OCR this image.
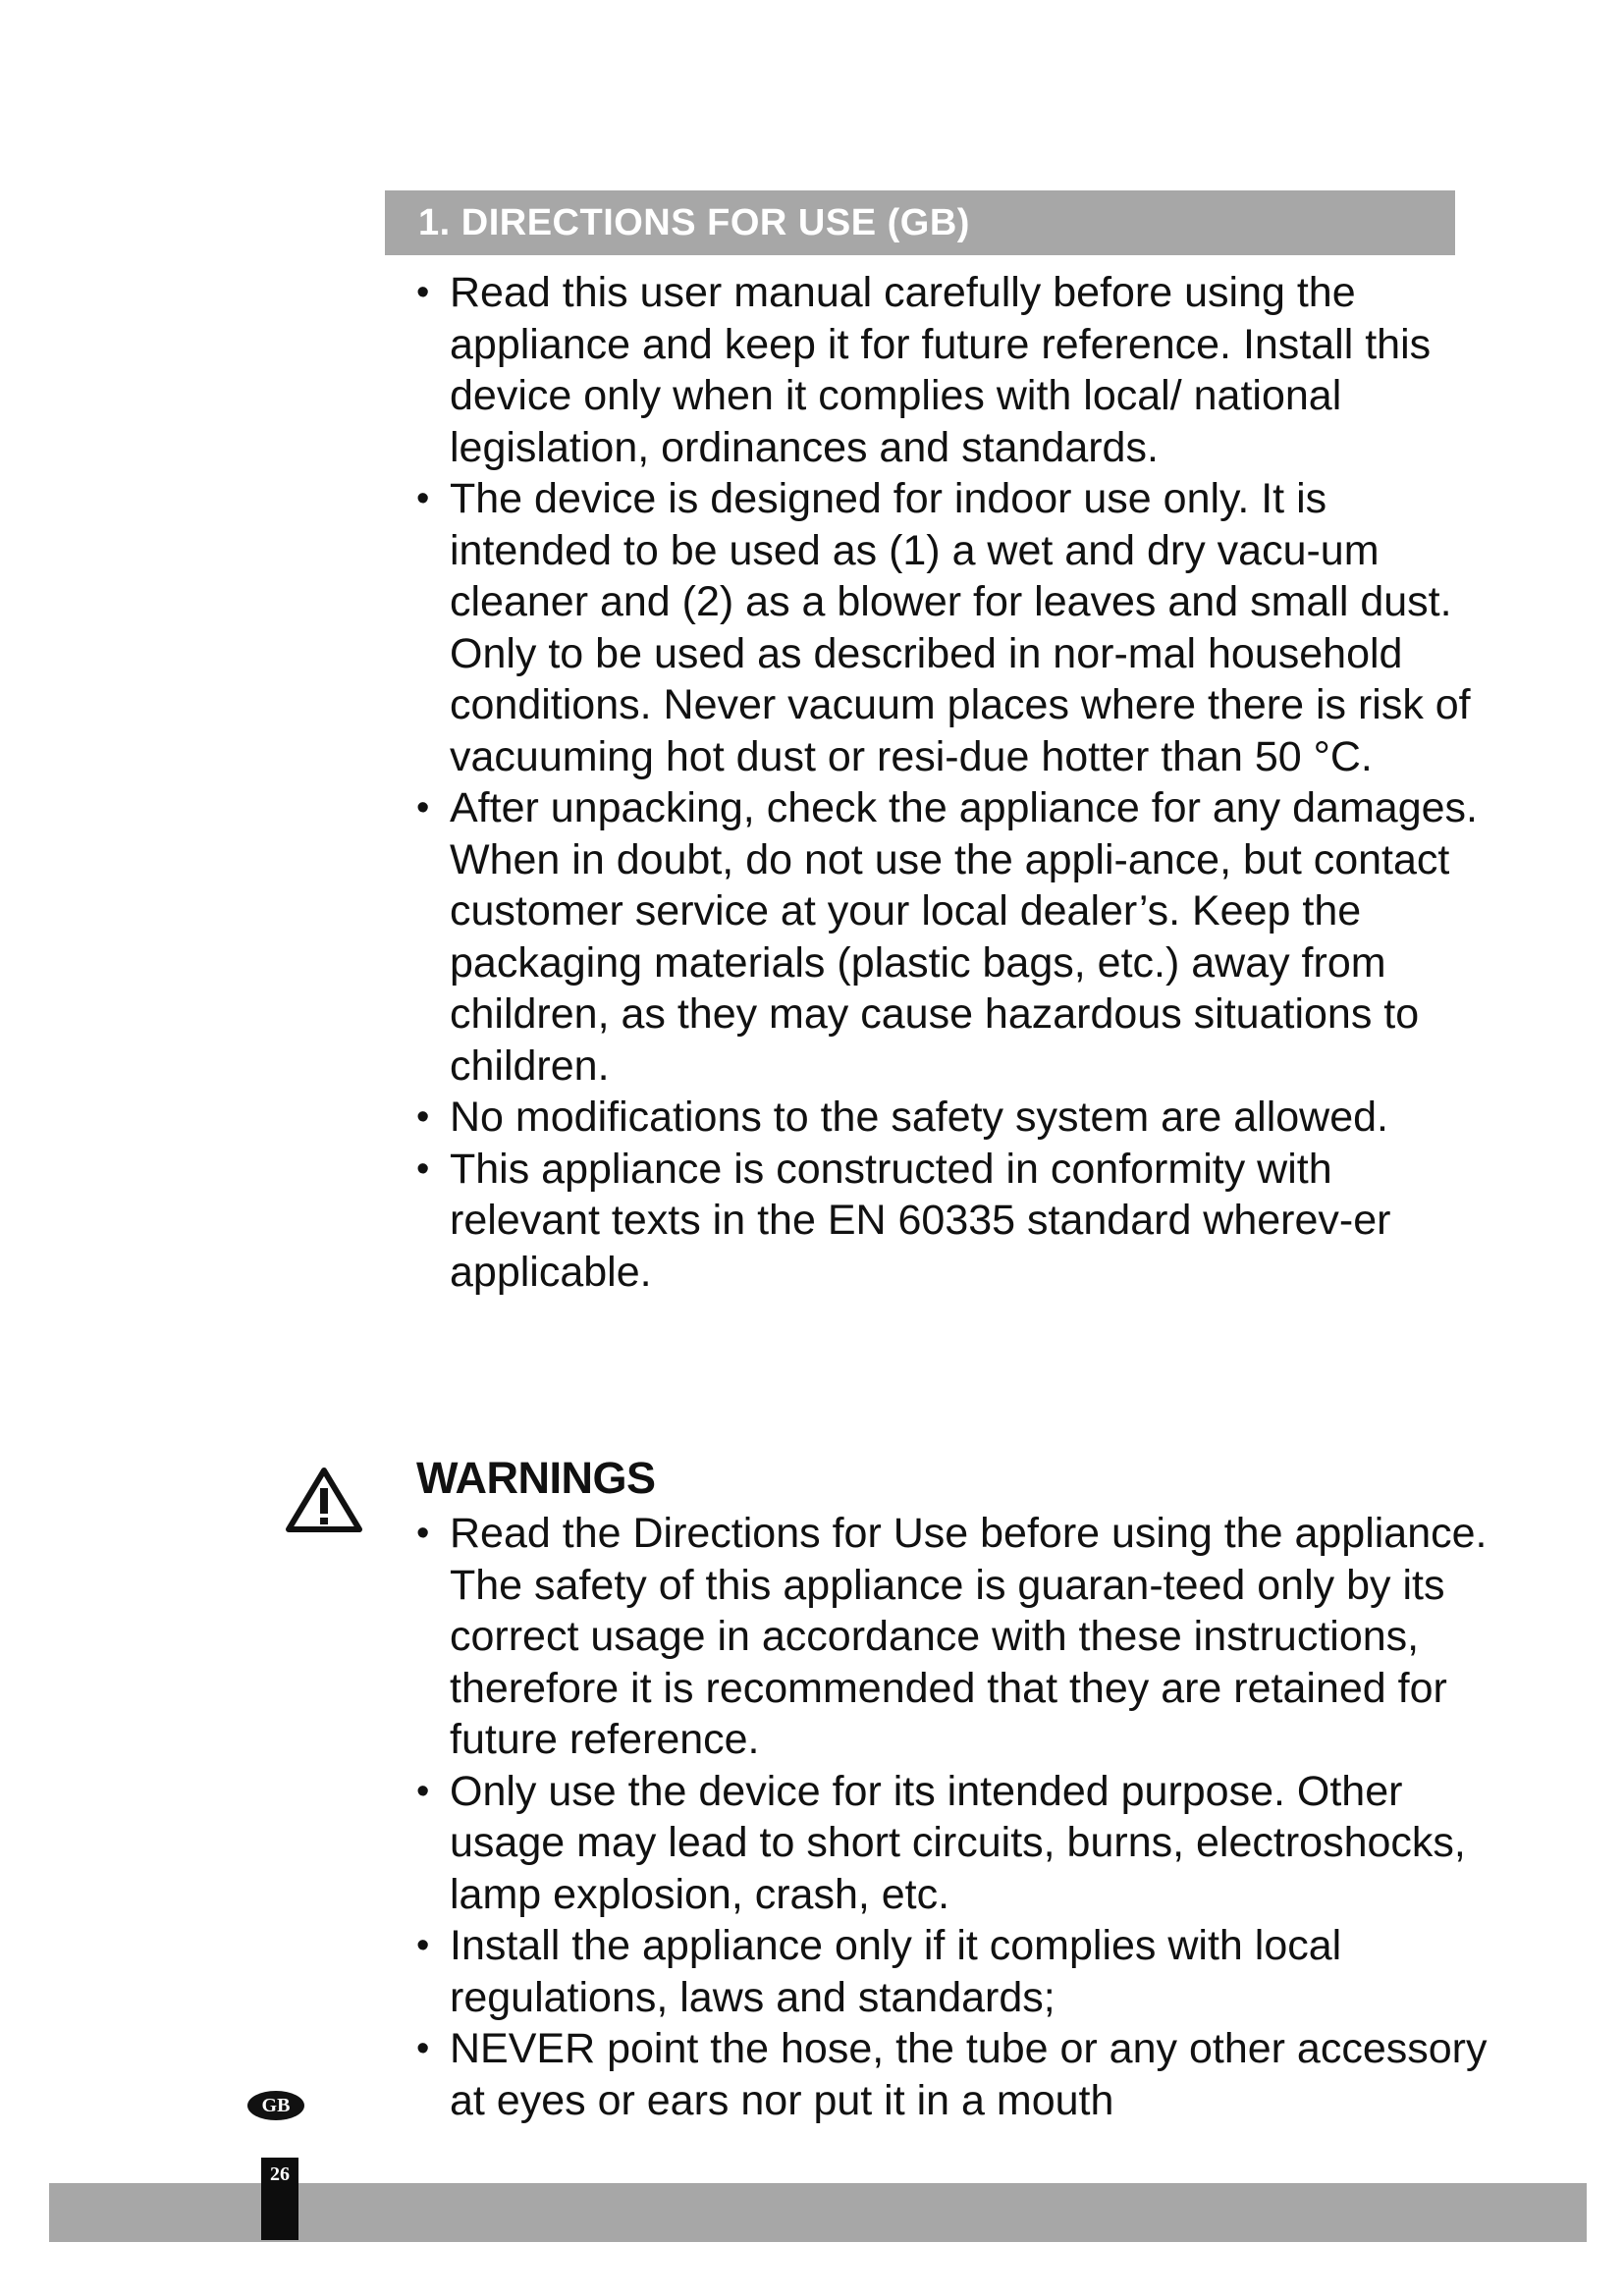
1. DIRECTIONS FOR USE (GB)
• Read this user manual carefully before using the appliance and keep it for future reference. Install this device only when it complies with local/ national legislation, ordinances and standards.
• The device is designed for indoor use only. It is intended to be used as (1) a wet and dry vacu-um cleaner and (2) as a blower for leaves and small dust. Only to be used as described in nor-mal household conditions. Never vacuum places where there is risk of vacuuming hot dust or resi-due hotter than 50 °C.
• After unpacking, check the appliance for any damages. When in doubt, do not use the appli-ance, but contact customer service at your local dealer’s. Keep the packaging materials (plastic bags, etc.) away from children, as they may cause hazardous situations to children.
• No modifications to the safety system are allowed.
• This appliance is constructed in conformity with relevant texts in the EN 60335 standard wherev-er applicable.
WARNINGS
• Read the Directions for Use before using the appliance. The safety of this appliance is guaran-teed only by its correct usage in accordance with these instructions, therefore it is recommended that they are retained for future reference.
• Only use the device for its intended purpose. Other usage may lead to short circuits, burns, electroshocks, lamp explosion, crash, etc.
• Install the appliance only if it complies with local regulations, laws and standards;
• NEVER point the hose, the tube or any other accessory at eyes or ears nor put it in a mouth
GB
26
